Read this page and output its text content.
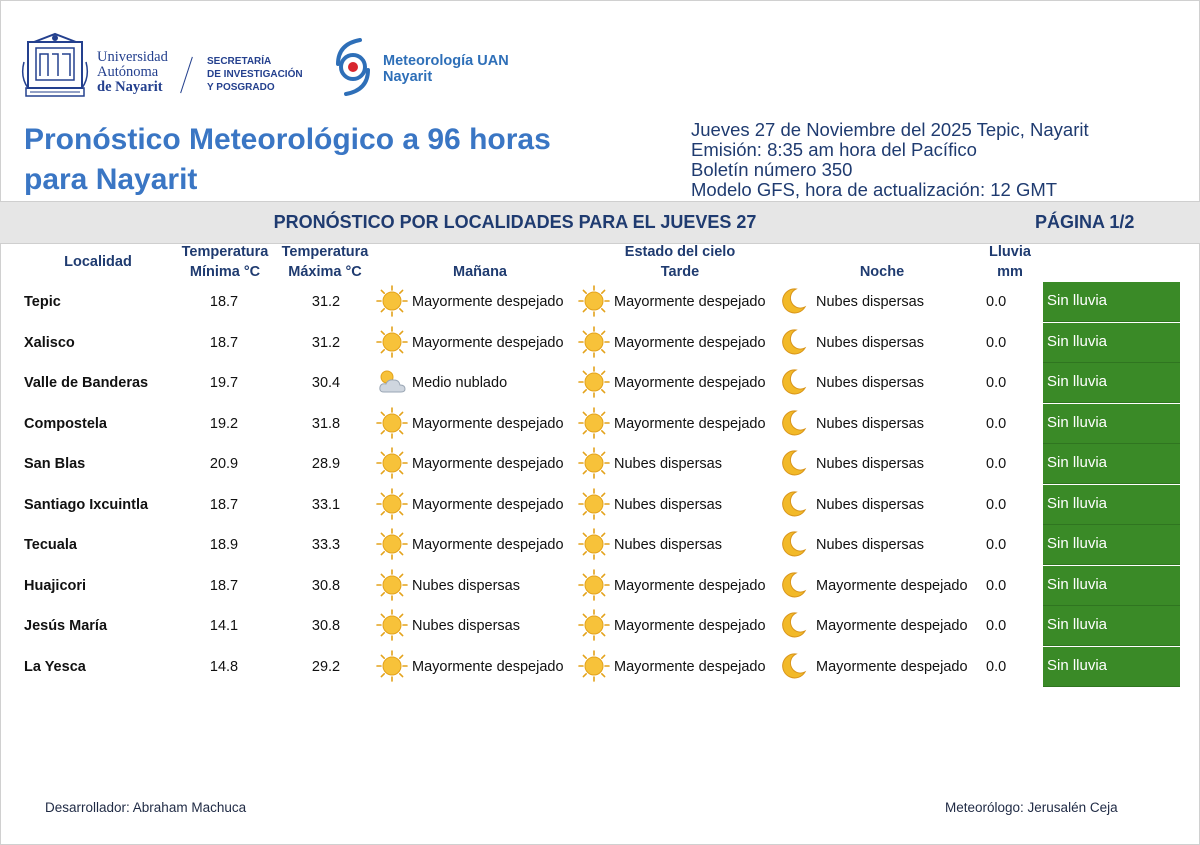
Universidad
Autónoma
de Nayarit
SECRETARÍA
DE INVESTIGACIÓN
Y POSGRADO
Meteorología UAN
Nayarit
Pronóstico Meteorológico a 96 horas
para Nayarit
Jueves 27 de Noviembre del 2025 Tepic, Nayarit
Emisión: 8:35 am hora del Pacífico
Boletín número 350
Modelo GFS, hora de actualización: 12 GMT
PRONÓSTICO POR LOCALIDADES PARA EL JUEVES 27	PÁGINA 1/2
Localidad
Temperatura
Mínima °C
Temperatura
Máxima °C	Mañana
Estado del cielo
Tarde	Noche
Lluvia
mm
Tepic	18.7	31.2	Mayormente despejado	Mayormente despejado	Nubes dispersas	0.0	Sin lluvia
Xalisco	18.7	31.2	Mayormente despejado	Mayormente despejado	Nubes dispersas	0.0	Sin lluvia
Valle de Banderas	19.7	30.4	Medio nublado	Mayormente despejado	Nubes dispersas	0.0	Sin lluvia
Compostela	19.2	31.8	Mayormente despejado	Mayormente despejado	Nubes dispersas	0.0	Sin lluvia
San Blas	20.9	28.9	Mayormente despejado	Nubes dispersas	Nubes dispersas	0.0	Sin lluvia
Santiago Ixcuintla	18.7	33.1	Mayormente despejado	Nubes dispersas	Nubes dispersas	0.0	Sin lluvia
Tecuala	18.9	33.3	Mayormente despejado	Nubes dispersas	Nubes dispersas	0.0	Sin lluvia
Huajicori	18.7	30.8	Nubes dispersas	Mayormente despejado	Mayormente despejado 0.0	Sin lluvia
Jesús María	14.1	30.8	Nubes dispersas	Mayormente despejado	Mayormente despejado 0.0	Sin lluvia
La Yesca	14.8	29.2	Mayormente despejado	Mayormente despejado	Mayormente despejado 0.0	Sin lluvia
Desarrollador: Abraham Machuca	Meteorólogo: Jerusalén Ceja
